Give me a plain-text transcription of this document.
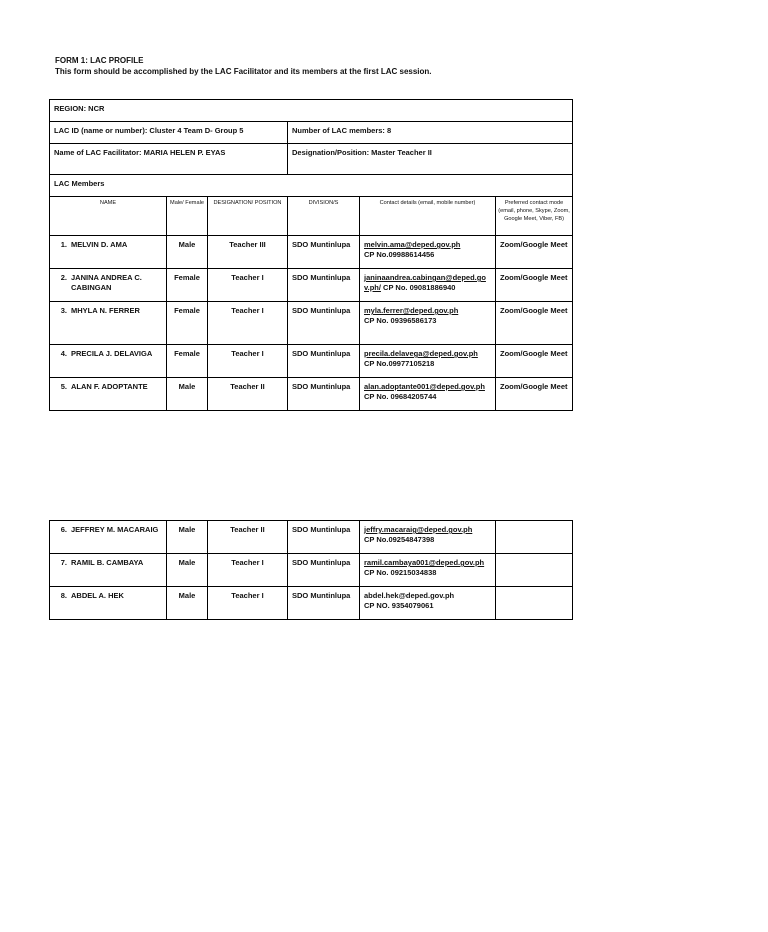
FORM 1: LAC PROFILE
This form should be accomplished by the LAC Facilitator and its members at the first LAC session.
REGION: NCR					
LAC ID (name or number): Cluster 4 Team D- Group 5			Number of LAC members: 8		
Name of LAC Facilitator: MARIA HELEN P. EYAS			Designation/Position: Master Teacher II		
LAC Members					
NAME	Male/ Female	DESIGNATION/ POSITION	DIVISION/S	Contact details (email, mobile number)	Preferred contact mode (email, phone, Skype, Zoom, Google Meet, Viber, FB)
1. MELVIN D. AMA	Male	Teacher III	SDO Muntinlupa	melvin.ama@deped.gov.ph
CP No.09988614456	Zoom/Google Meet
2. JANINA ANDREA C. CABINGAN	Female	Teacher I	SDO Muntinlupa	janinaandrea.cabingan@deped.gov.ph/ CP No. 09081886940	Zoom/Google Meet
3. MHYLA N. FERRER	Female	Teacher I	SDO Muntinlupa	myla.ferrer@deped.gov.ph
CP No. 09396586173	Zoom/Google Meet
4. PRECILA J. DELAVIGA	Female	Teacher I	SDO Muntinlupa	precila.delavega@deped.gov.ph
CP No.09977105218	Zoom/Google Meet
5. ALAN F. ADOPTANTE	Male	Teacher II	SDO Muntinlupa	alan.adoptante001@deped.gov.ph
CP No. 09684205744	Zoom/Google Meet
6. JEFFREY M. MACARAIG	Male	Teacher II	SDO Muntinlupa	jeffry.macaraig@deped.gov.ph
CP No.09254847398	
7. RAMIL B. CAMBAYA	Male	Teacher I	SDO Muntinlupa	ramil.cambaya001@deped.gov.ph CP No. 09215034838	
8. ABDEL A. HEK	Male	Teacher I	SDO Muntinlupa	abdel.hek@deped.gov.ph
CP NO. 9354079061	
